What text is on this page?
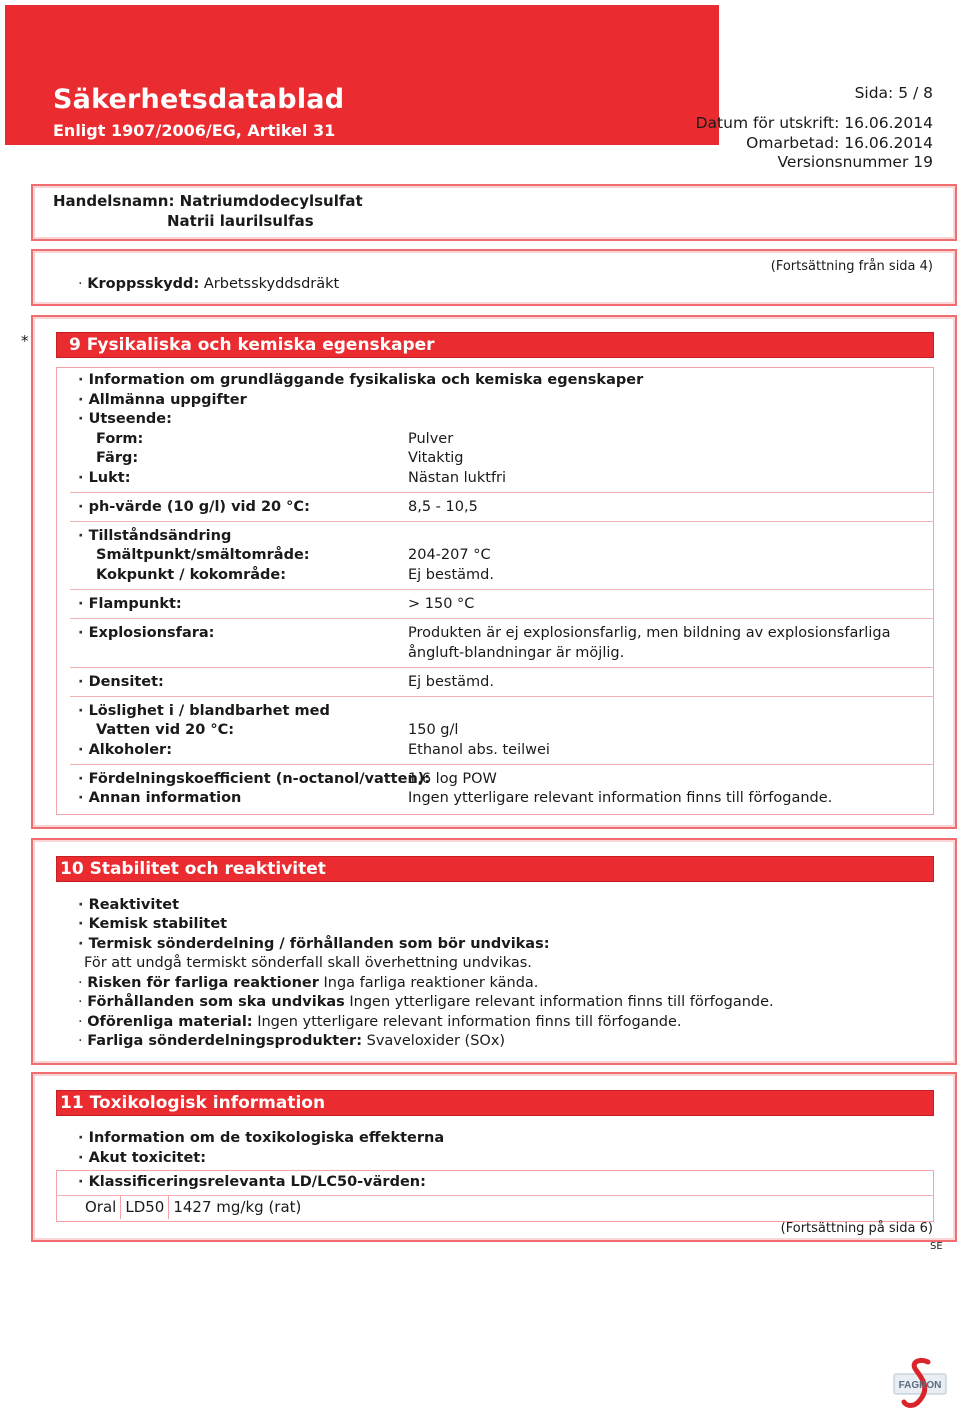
Säkerhetsdatablad
Enligt 1907/2006/EG, Artikel 31
Sida: 5 / 8
Datum för utskrift: 16.06.2014
Omarbetad: 16.06.2014
Versionsnummer 19
Handelsnamn: Natriumdodecylsulfat
Natrii laurilsulfas
(Fortsättning från sida 4)
· Kroppsskydd: Arbetsskyddsdräkt
*	9 Fysikaliska och kemiska egenskaper
· Information om grundläggande fysikaliska och kemiska egenskaper
· Allmänna uppgifter
· Utseende:
Form:	Pulver
Färg:	Vitaktig
· Lukt:	Nästan luktfri
· ph-värde (10 g/l) vid 20 °C:	8,5 - 10,5
· Tillståndsändring
Smältpunkt/smältområde:	204-207 °C
Kokpunkt / kokområde:	Ej bestämd.
· Flampunkt:	> 150 °C
· Explosionsfara:	Produkten är ej explosionsfarlig, men bildning av explosionsfarliga
ångluft-blandningar är möjlig.
· Densitet:	Ej bestämd.
· Löslighet i / blandbarhet med
Vatten vid 20 °C:	150 g/l
· Alkoholer:	Ethanol abs. teilwei
· Fördelningskoefficient (n-octanol/vatten):
1,6 log POW
· Annan information	Ingen ytterligare relevant information finns till förfogande.
10 Stabilitet och reaktivitet
· Reaktivitet
· Kemisk stabilitet
· Termisk sönderdelning / förhållanden som bör undvikas:
För att undgå termiskt sönderfall skall överhettning undvikas.
· Risken för farliga reaktioner Inga farliga reaktioner kända.
· Förhållanden som ska undvikas Ingen ytterligare relevant information finns till förfogande.
· Oförenliga material: Ingen ytterligare relevant information finns till förfogande.
· Farliga sönderdelningsprodukter: Svaveloxider (SOx)
11 Toxikologisk information
· Information om de toxikologiska effekterna
· Akut toxicitet:
· Klassificeringsrelevanta LD/LC50-värden:
Oral	LD50	1427 mg/kg (rat)
(Fortsättning på sida 6)
SE
FAGRON
